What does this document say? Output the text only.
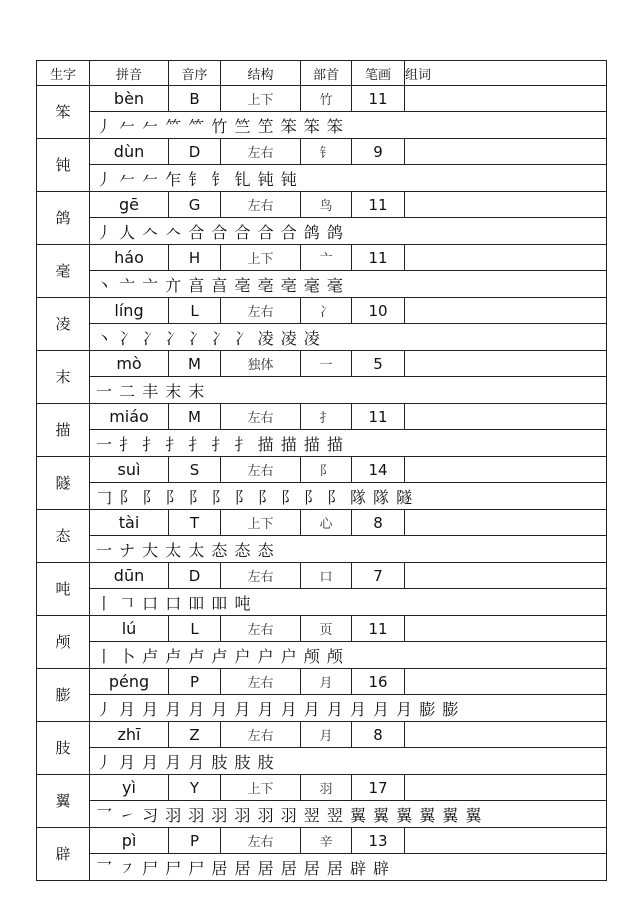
生字	拼音	音序	结构	部首	笔画	组词
笨	bèn	B	上下	竹	11	
	丿 𠂉 𠂉 ⺮ ⺮ 竹 竺 笁 笨 笨 笨					
钝	dùn	D	左右	钅	9	
	丿 𠂉 𠂉 乍 钅 钅 钆 钝 钝					
鸽	gē	G	左右	鸟	11	
	丿 人 𠆢 𠆢 合 合 合 合 合 鸽 鸽					
毫	háo	H	上下	亠	11	
	丶 亠 亠 亣 亯 亯 亳 亳 亳 毫 毫					
凌	líng	L	左右	冫	10	
	丶 冫 冫 冫 冫 冫 冫 凌 凌 凌					
末	mò	M	独体	一	5	
	一 二 丰 末 末					
描	miáo	M	左右	扌	11	
	一 扌 扌 扌 扌 扌 扌 描 描 描 描					
隧	suì	S	左右	阝	14	
	𠃌 阝 阝 阝 阝 阝 阝 阝 阝 阝 阝 隊 隊 隧					
态	tài	T	上下	心	8	
	一 ナ 大 太 太 态 态 态					
吨	dūn	D	左右	口	7	
	丨 𠃍 口 口 吅 吅 吨					
颅	lú	L	左右	页	11	
	丨 卜 卢 卢 卢 卢 户 户 户 颅 颅					
膨	péng	P	左右	月	16	
	丿 月 月 月 月 月 月 月 月 月 月 月 月 月 膨 膨					
肢	zhī	Z	左右	月	8	
	丿 月 月 月 月 肢 肢 肢					
翼	yì	Y	上下	羽	17	
	乛 ㇀ 习 羽 羽 羽 羽 羽 羽 翌 翌 翼 翼 翼 翼 翼 翼					
辟	pì	P	左右	辛	13	
	乛 ㇇ 尸 尸 尸 居 居 居 居 居 居 辟 辟					
